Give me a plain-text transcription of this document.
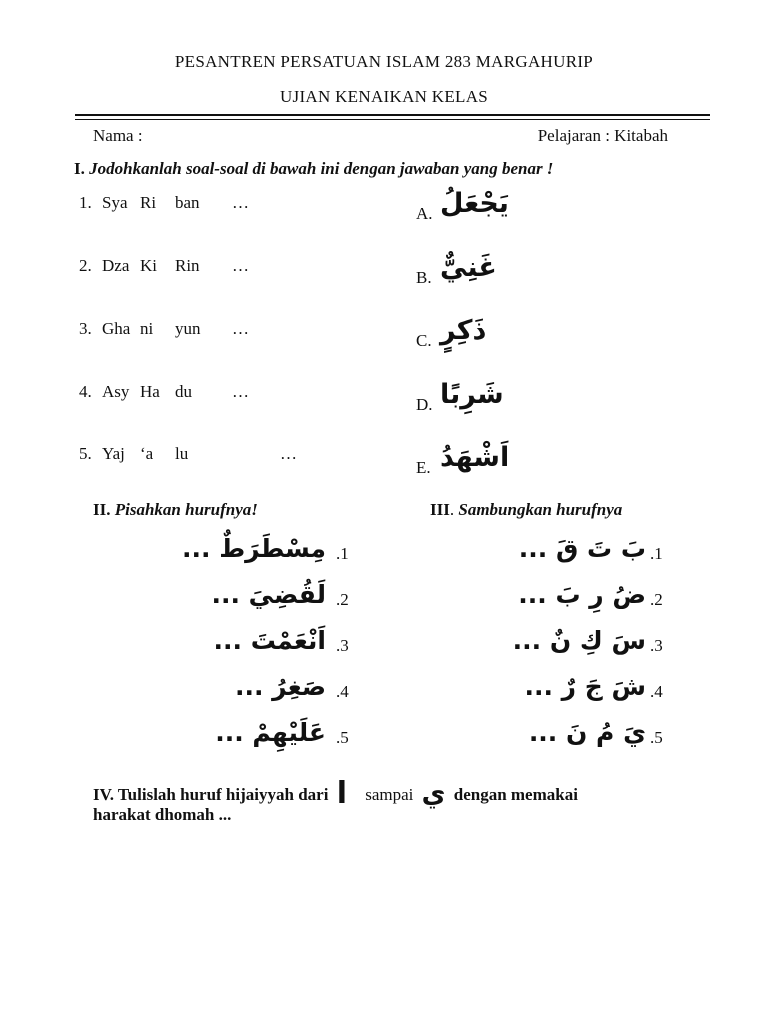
PESANTREN PERSATUAN ISLAM 283 MARGAHURIP
UJIAN KENAIKAN KELAS
Nama :	Pelajaran : Kitabah
I. Jodohkanlah soal-soal di bawah ini dengan jawaban yang benar !
1. Sya Ri ban …
2. Dza Ki Rin …
3. Gha ni yun …
4. Asy Ha du …
5. Yaj ‘a lu	…
A. يَجْعَلُ
B. غَنِيٌّ
C. ذَكِرٍ
D. شَرِبًا
E. اَشْهَدُ
II. Pisahkan hurufnya!	III. Sambungkan hurufnya
مِسْطَرَطٌ ... .1
لَقُضِيَ ... .2
اَنْعَمْتَ ... .3
صَغِرُ ... .4
عَلَيْهِمْ ... .5
بَ تَ قَ ... .1
ضُ رِ بَ ... .2
سَ كِ نٌ ... .3
شَ جَ رٌ ... .4
يَ مُ نَ ... .5
IV. Tulislah huruf hijaiyyah dari ا sampai ي dengan memakai
harakat dhomah ...
